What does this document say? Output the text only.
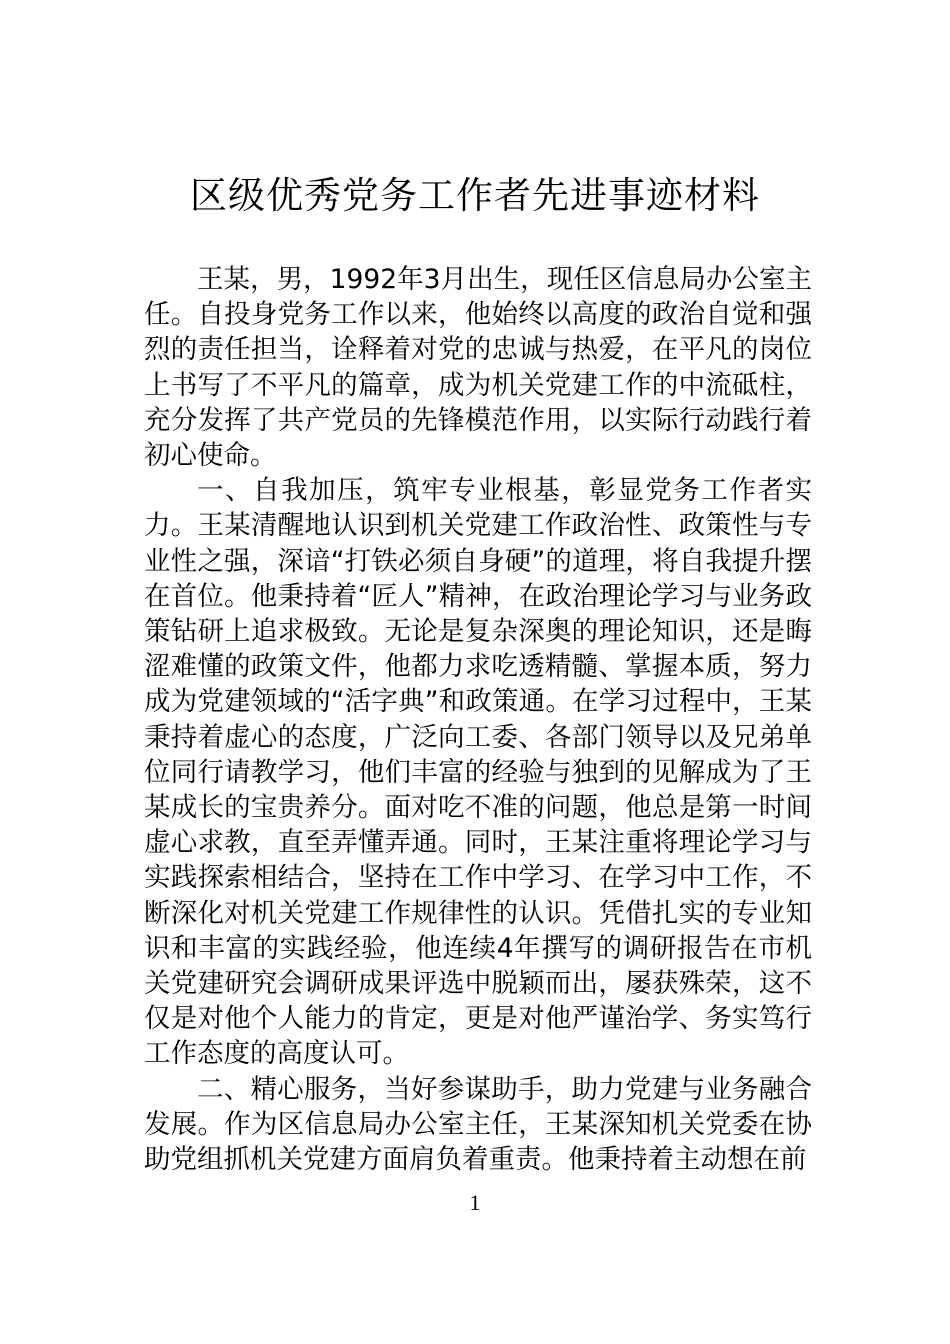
区级优秀党务工作者先进事迹材料

王某，男，1992年3月出生，现任区信息局办公室主任。自投身党务工作以来，他始终以高度的政治自觉和强烈的责任担当，诠释着对党的忠诚与热爱，在平凡的岗位上书写了不平凡的篇章，成为机关党建工作的中流砥柱，充分发挥了共产党员的先锋模范作用，以实际行动践行着初心使命。

一、自我加压，筑牢专业根基，彰显党务工作者实力。王某清醒地认识到机关党建工作政治性、政策性与专业性之强，深谙“打铁必须自身硬”的道理，将自我提升摆在首位。他秉持着“匠人”精神，在政治理论学习与业务政策钻研上追求极致。无论是复杂深奥的理论知识，还是晦涩难懂的政策文件，他都力求吃透精髓、掌握本质，努力成为党建领域的“活字典”和政策通。在学习过程中，王某秉持着虚心的态度，广泛向工委、各部门领导以及兄弟单位同行请教学习，他们丰富的经验与独到的见解成为了王某成长的宝贵养分。面对吃不准的问题，他总是第一时间虚心求教，直至弄懂弄通。同时，王某注重将理论学习与实践探索相结合，坚持在工作中学习、在学习中工作，不断深化对机关党建工作规律性的认识。凭借扎实的专业知识和丰富的实践经验，他连续4年撰写的调研报告在市机关党建研究会调研成果评选中脱颖而出，屡获殊荣，这不仅是对他个人能力的肯定，更是对他严谨治学、务实笃行工作态度的高度认可。

二、精心服务，当好参谋助手，助力党建与业务融合发展。作为区信息局办公室主任，王某深知机关党委在协助党组抓机关党建方面肩负着重责。他秉持着主动想在前

1
